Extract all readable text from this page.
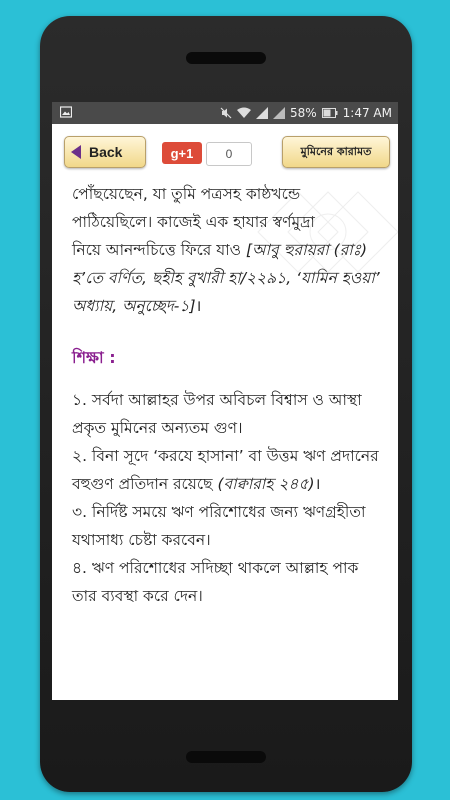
58% 1:47 AM
Back	g+1	0	মুমিনের কারামত

পোঁছয়েছেন, যা তুমি পত্রসহ কাষ্ঠখন্ডে
পাঠিয়েছিলে। কাজেই এক হাযার স্বর্ণমুদ্রা
নিয়ে আনন্দচিত্তে ফিরে যাও [আবু হুরায়রা (রাঃ) হ’তে বর্ণিত, ছহীহ বুখারী হা/২২৯১, ‘যামিন হওয়া’ অধ্যায়, অনুচ্ছেদ-১]।

শিক্ষা :

১. সর্বদা আল্লাহর উপর অবিচল বিশ্বাস ও আস্থা প্রকৃত মুমিনের অন্যতম গুণ।

২. বিনা সূদে ‘করযে হাসানা’ বা উত্তম ঋণ প্রদানের বহুগুণ প্রতিদান রয়েছে (বাক্বারাহ ২৪৫)।

৩. নির্দিষ্ট সময়ে ঋণ পরিশোধের জন্য ঋণগ্রহীতা যথাসাধ্য চেষ্টা করবেন।

৪. ঋণ পরিশোধের সদিচ্ছা থাকলে আল্লাহ পাক তার ব্যবস্থা করে দেন।
